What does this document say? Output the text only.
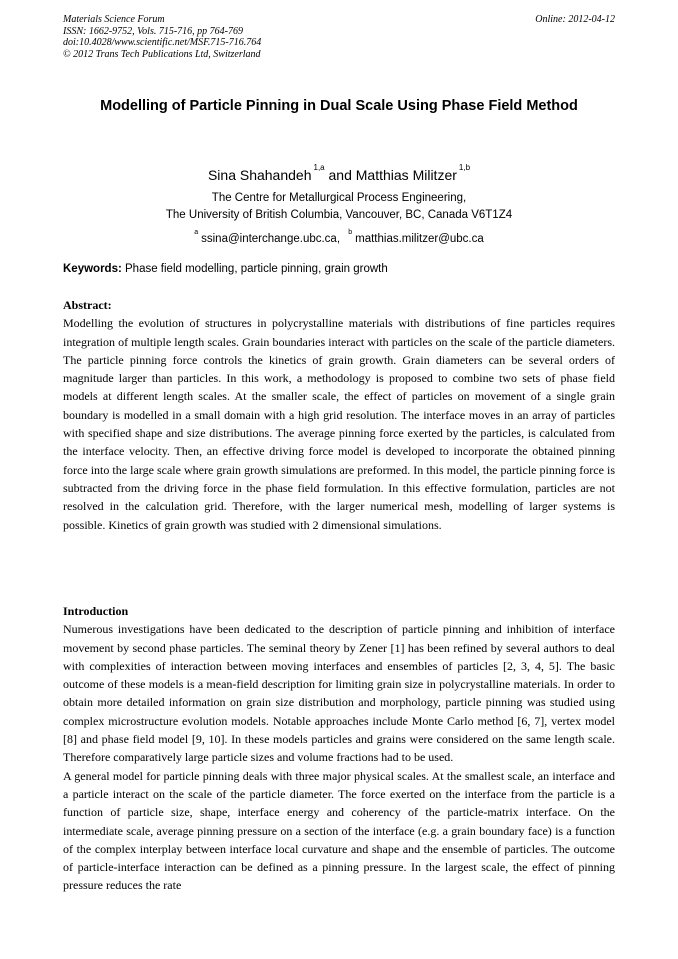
Materials Science Forum
ISSN: 1662-9752, Vols. 715-716, pp 764-769
doi:10.4028/www.scientific.net/MSF.715-716.764
© 2012 Trans Tech Publications Ltd, Switzerland
Online: 2012-04-12
Modelling of Particle Pinning in Dual Scale Using Phase Field Method
Sina Shahandeh $^{1,a}$ and Matthias Militzer $^{1,b}$
The Centre for Metallurgical Process Engineering,
The University of British Columbia, Vancouver, BC, Canada V6T1Z4
$^a$ssina@interchange.ubc.ca, $^b$matthias.militzer@ubc.ca
Keywords: Phase field modelling, particle pinning, grain growth
Abstract:

Modelling the evolution of structures in polycrystalline materials with distributions of fine particles requires integration of multiple length scales. Grain boundaries interact with particles on the scale of the particle diameters. The particle pinning force controls the kinetics of grain growth. Grain diameters can be several orders of magnitude larger than particles. In this work, a methodology is proposed to combine two sets of phase field models at different length scales. At the smaller scale, the effect of particles on movement of a single grain boundary is modelled in a small domain with a high grid resolution. The interface moves in an array of particles with specified shape and size distributions. The average pinning force exerted by the particles, is calculated from the interface velocity. Then, an effective driving force model is developed to incorporate the obtained pinning force into the large scale where grain growth simulations are preformed. In this model, the particle pinning force is subtracted from the driving force in the phase field formulation. In this effective formulation, particles are not resolved in the calculation grid. Therefore, with the larger numerical mesh, modelling of larger systems is possible. Kinetics of grain growth was studied with 2 dimensional simulations.

Introduction

Numerous investigations have been dedicated to the description of particle pinning and inhibition of interface movement by second phase particles. The seminal theory by Zener [1] has been refined by several authors to deal with complexities of interaction between moving interfaces and ensembles of particles [2, 3, 4, 5]. The basic outcome of these models is a mean-field description for limiting grain size in polycrystalline materials. In order to obtain more detailed information on grain size distribution and morphology, particle pinning was studied using complex microstructure evolution models. Notable approaches include Monte Carlo method [6, 7], vertex model [8] and phase field model [9, 10]. In these models particles and grains were considered on the same length scale. Therefore comparatively large particle sizes and volume fractions had to be used.

A general model for particle pinning deals with three major physical scales. At the smallest scale, an interface and a particle interact on the scale of the particle diameter. The force exerted on the interface from the particle is a function of particle size, shape, interface energy and coherency of the particle-matrix interface. On the intermediate scale, average pinning pressure on a section of the interface (e.g. a grain boundary face) is a function of the complex interplay between interface local curvature and shape and the ensemble of particles. The outcome of particle-interface interaction can be defined as a pinning pressure. In the largest scale, the effect of pinning pressure reduces the rate
